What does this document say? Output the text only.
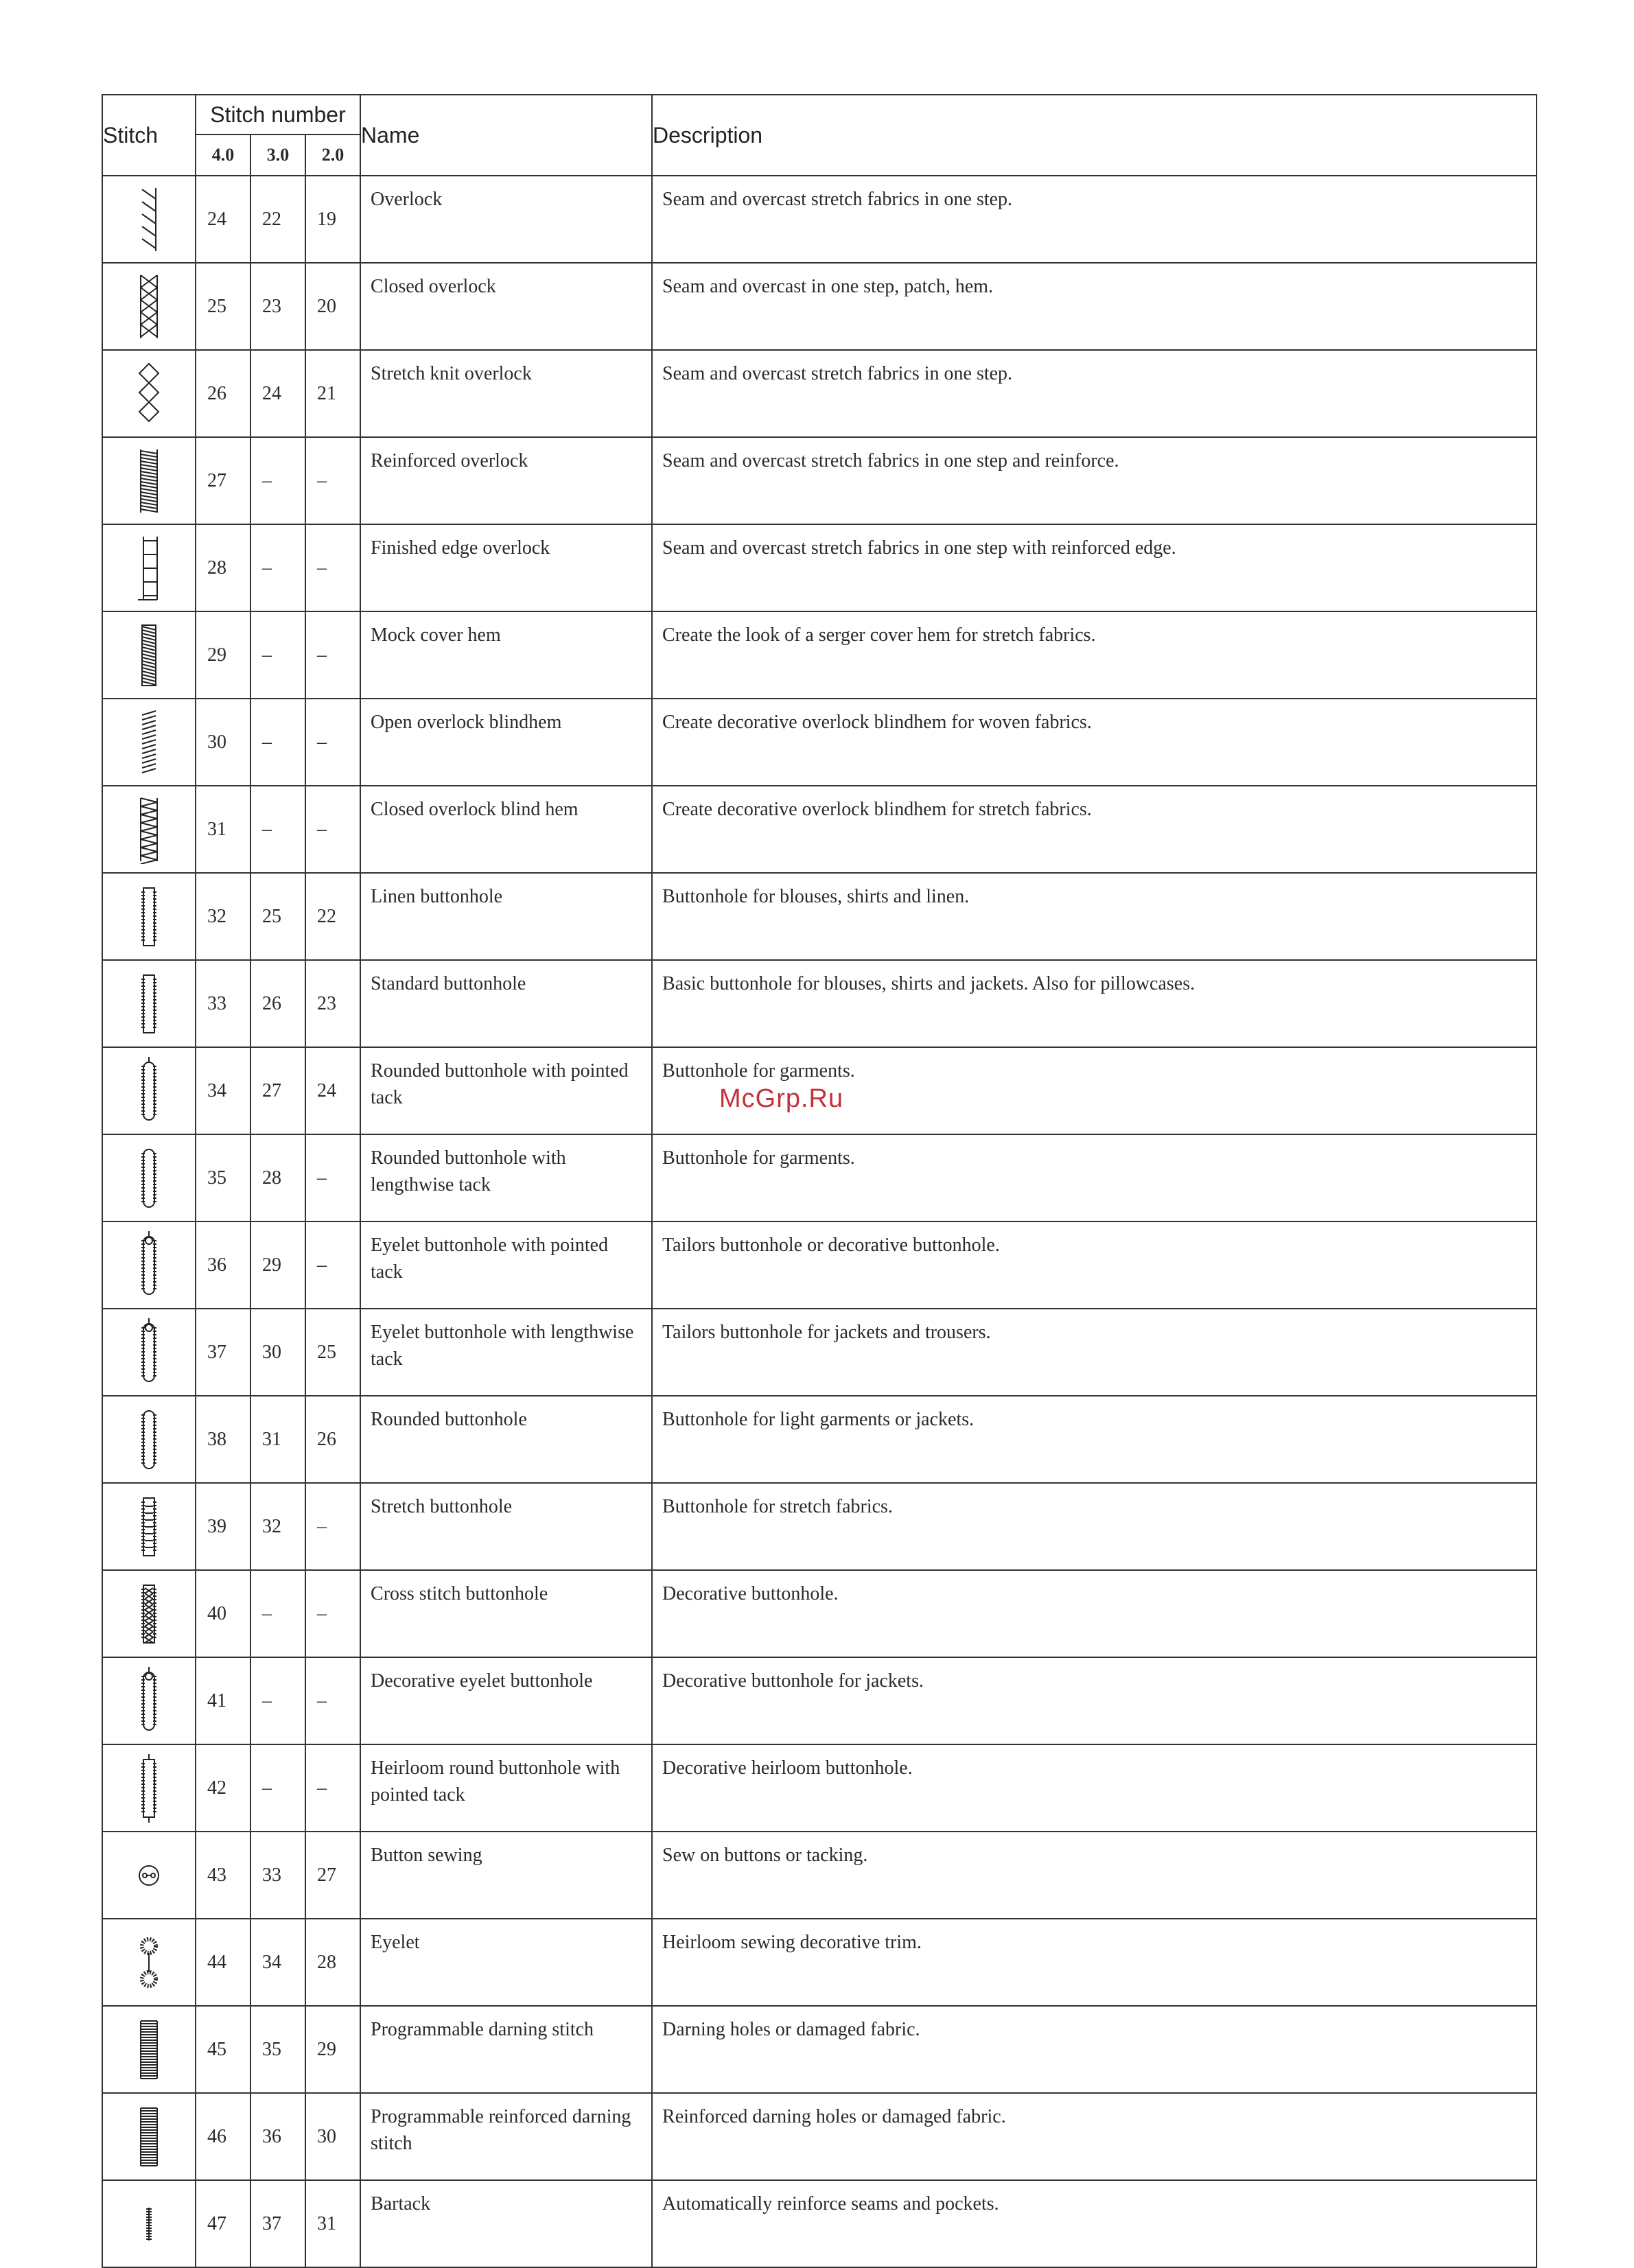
Stitch	Stitch number			Name	Description
	4.0	3.0	2.0		

	24	22	19	Overlock	Seam and overcast stretch fabrics in one step.

	25	23	20	Closed overlock	Seam and overcast in one step, patch, hem.

	26	24	21	Stretch knit overlock	Seam and overcast stretch fabrics in one step.

	27	–	–	Reinforced overlock	Seam and overcast stretch fabrics in one step and reinforce.

	28	–	–	Finished edge overlock	Seam and overcast stretch fabrics in one step with reinforced edge.

	29	–	–	Mock cover hem	Create the look of a serger cover hem for stretch fabrics.

	30	–	–	Open overlock blindhem	Create decorative overlock blindhem for woven fabrics.

	31	–	–	Closed overlock blind hem	Create decorative overlock blindhem for stretch fabrics.

	32	25	22	Linen buttonhole	Buttonhole for blouses, shirts and linen.

	33	26	23	Standard buttonhole	Basic buttonhole for blouses, shirts and jackets. Also for pillowcases.

	34	27	24	Rounded buttonhole with pointed tack	Buttonhole for garments.

	35	28	–	Rounded buttonhole with lengthwise tack	Buttonhole for garments.

	36	29	–	Eyelet buttonhole with pointed tack	Tailors buttonhole or decorative buttonhole.

	37	30	25	Eyelet buttonhole with lengthwise tack	Tailors buttonhole for jackets and trousers.

	38	31	26	Rounded buttonhole	Buttonhole for light garments or jackets.

	39	32	–	Stretch buttonhole	Buttonhole for stretch fabrics.

	40	–	–	Cross stitch buttonhole	Decorative buttonhole.

	41	–	–	Decorative eyelet buttonhole	Decorative buttonhole for jackets.

	42	–	–	Heirloom round buttonhole with pointed tack	Decorative heirloom buttonhole.

	43	33	27	Button sewing	Sew on buttons or tacking.

	44	34	28	Eyelet	Heirloom sewing decorative trim.

	45	35	29	Programmable darning stitch	Darning holes or damaged fabric.

	46	36	30	Programmable reinforced darning stitch	Reinforced darning holes or damaged fabric.

	47	37	31	Bartack	Automatically reinforce seams and pockets.
McGrp.Ru
